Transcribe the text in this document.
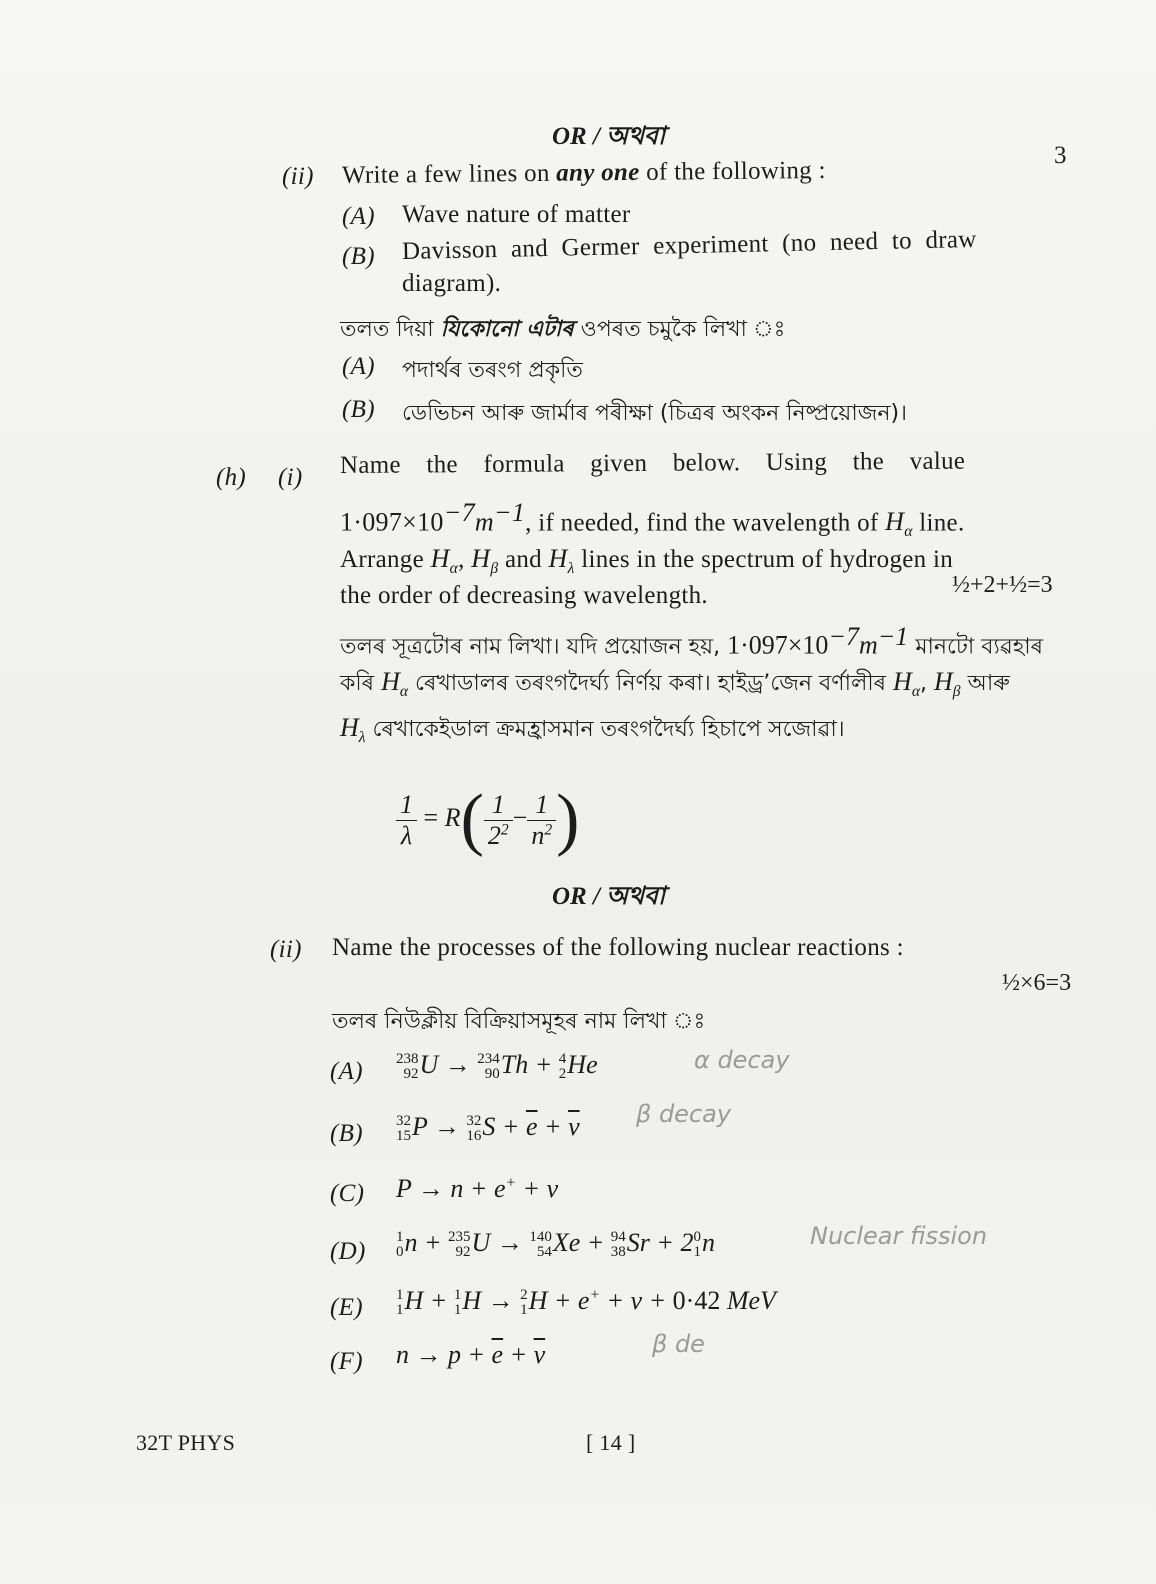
OR / অথবা
3
(ii) Write a few lines on any one of the following :
(A) Wave nature of matter
(B) Davisson and Germer experiment (no need to draw
diagram).
তলত দিয়া যিকোনো এটাৰ ওপৰত চমুকৈ লিখা ঃ
(A) পদাৰ্থৰ তৰংগ প্ৰকৃতি
(B) ডেভিচন আৰু জাৰ্মাৰ পৰীক্ষা (চিত্ৰৰ অংকন নিষ্প্ৰয়োজন)।
(h) (i) Name the formula given below. Using the value
$1\cdot 097\times 10^{-7}m^{-1}$, if needed, find the wavelength of $H_\alpha$ line.
Arrange $H_\alpha$, $H_\beta$ and $H_\lambda$ lines in the spectrum of hydrogen in
the order of decreasing wavelength.	½+2+½=3
তলৰ সূত্ৰটোৰ নাম লিখা। যদি প্ৰয়োজন হয়, $1\cdot 097\times 10^{-7}m^{-1}$ মানটো ব্যৱহাৰ
কৰি $H_\alpha$ ৰেখাডালৰ তৰংগদৈৰ্ঘ্য নিৰ্ণয় কৰা। হাইড্ৰ’জেন বৰ্ণালীৰ $H_\alpha$, $H_\beta$ আৰু
$H_\lambda$ ৰেখাকেইডাল ক্ৰমহ্ৰাসমান তৰংগদৈৰ্ঘ্য হিচাপে সজোৱা।
$\frac{1}{\lambda} = R( \frac{1}{2^2} - \frac{1}{n^2}$ )
OR / অথবা
(ii) Name the processes of the following nuclear reactions :
½×6=3
তলৰ নিউক্লীয় বিক্ৰিয়াসমূহৰ নাম লিখা ঃ
(A) 238
92 U → 234
90 Th + 4
2 He	α decay
(B) 32
15 P → 32
16 $S + \overline{e} + \overline{\nu}$ β decay
(C) P → n + e+ + ν
(D)
1
0 n + 235
92 U → 140
54 Xe + 94
38 Sr + 2 0
1 n	Nuclear fission
(E) 1
1 H + 1
1 H → 2
1 H + e+ + ν + 0·42 MeV
(F) $n \to p + \overline{e} + \overline{\nu}$	β de
32T PHYS	[ 14 ]
